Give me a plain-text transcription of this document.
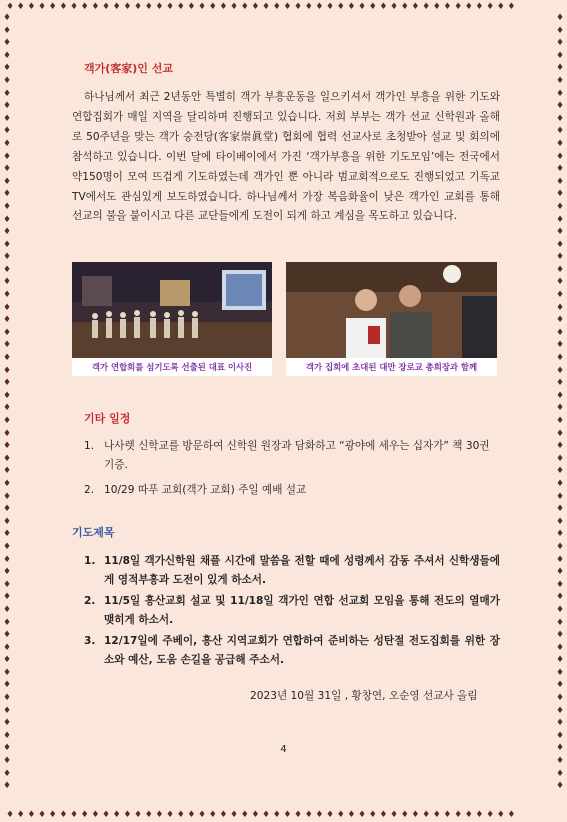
♦♦♦♦♦♦♦♦♦♦♦♦♦♦♦♦♦♦♦♦♦♦♦♦♦♦♦♦♦♦♦♦♦♦♦♦♦♦♦♦♦♦♦♦♦♦♦♦
♦♦♦♦♦♦♦♦♦♦♦♦♦♦♦♦♦♦♦♦♦♦♦♦♦♦♦♦♦♦♦♦♦♦♦♦♦♦♦♦♦♦♦♦♦♦♦♦
♦♦♦♦♦♦♦♦♦♦♦♦♦♦♦♦♦♦♦♦♦♦♦♦♦♦♦♦♦♦♦♦♦♦♦♦♦♦♦♦♦♦♦♦♦♦♦♦♦♦♦♦♦♦♦♦♦♦♦♦♦♦
♦♦♦♦♦♦♦♦♦♦♦♦♦♦♦♦♦♦♦♦♦♦♦♦♦♦♦♦♦♦♦♦♦♦♦♦♦♦♦♦♦♦♦♦♦♦♦♦♦♦♦♦♦♦♦♦♦♦♦♦♦♦
객가(客家)인 선교

하나님께서 최근 2년동안 특별히 객가 부흥운동을 일으키셔서 객가인 부흥을 위한 기도와 연합집회가 매일 지역을 달리하며 진행되고 있습니다. 저희 부부는 객가 선교 신학원과 올해로 50주년을 맞는 객가 숭전당(客家崇眞堂) 협회에 협력 선교사로 초청받아 설교 및 회의에 참석하고 있습니다. 이번 달에 타이베이에서 가진 ‘객가부흥을 위한 기도모임’에는 전국에서 약150명이 모여 뜨겁게 기도하였는데 객가인 뿐 아니라 범교회적으로도 진행되었고 기독교 TV에서도 관심있게 보도하였습니다. 하나님께서 가장 복음화율이 낮은 객가인 교회를 통해 선교의 불을 붙이시고 다른 교단들에게 도전이 되게 하고 계심을 목도하고 있습니다.

객가 연합회를 섬기도록 선출된 대표 이사진	객가 집회에 초대된 대만 장로교 총회장과 함께
기타 일정
1. 나사렛 신학교를 방문하여 신학원 원장과 담화하고 “광야에 세우는 십자가” 책 30권 기증.
2. 10/29 따푸 교회(객가 교회) 주일 예배 설교
기도제목
1. 11/8일 객가신학원 채플 시간에 말씀을 전할 때에 성령께서 감동 주셔서 신학생들에게 영적부흥과 도전이 있게 하소서.
2. 11/5일 흥산교회 설교 및 11/18일 객가인 연합 선교회 모임을 통해 전도의 열매가 맺히게 하소서.
3. 12/17일에 주베이, 흥산 지역교회가 연합하여 준비하는 성탄절 전도집회를 위한 장소와 예산, 도움 손길을 공급해 주소서.
2023년 10월 31일 , 황창연, 오순영 선교사 올림
4
